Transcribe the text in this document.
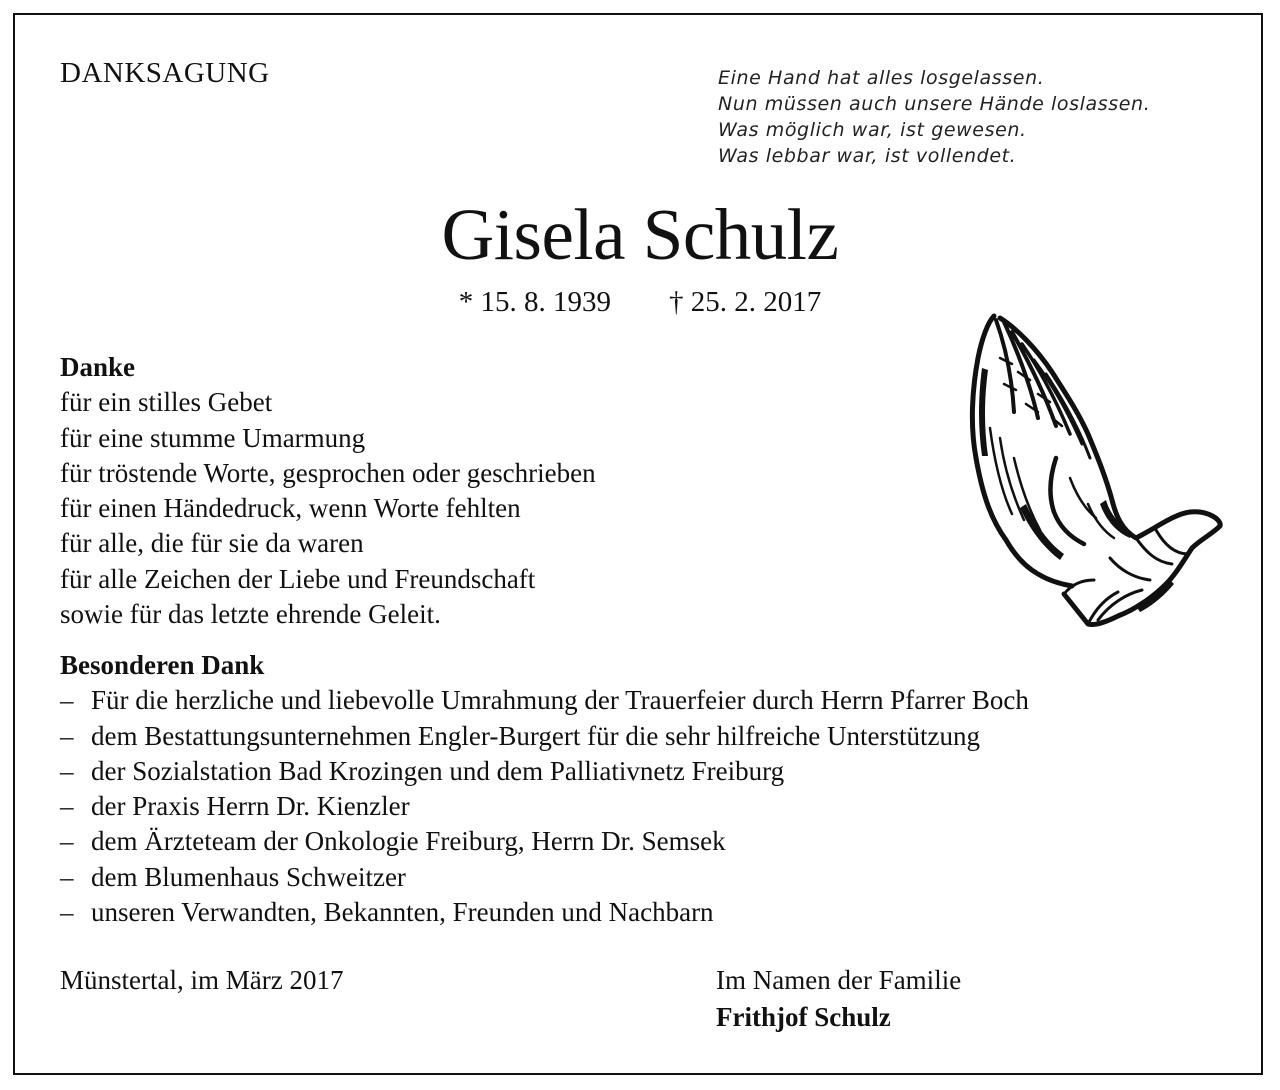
DANKSAGUNG	Eine Hand hat alles losgelassen.
Nun müssen auch unsere Hände loslassen.
Was möglich war, ist gewesen.
Was lebbar war, ist vollendet.
Gisela Schulz
* 15. 8. 1939 † 25. 2. 2017
Danke
für ein stilles Gebet
für eine stumme Umarmung
für tröstende Worte, gesprochen oder geschrieben
für einen Händedruck, wenn Worte fehlten
für alle, die für sie da waren
für alle Zeichen der Liebe und Freundschaft
sowie für das letzte ehrende Geleit.
Besonderen Dank
– Für die herzliche und liebevolle Umrahmung der Trauerfeier durch Herrn Pfarrer Boch
– dem Bestattungsunternehmen Engler-Burgert für die sehr hilfreiche Unterstützung
– der Sozialstation Bad Krozingen und dem Palliativnetz Freiburg
– der Praxis Herrn Dr. Kienzler
– dem Ärzteteam der Onkologie Freiburg, Herrn Dr. Semsek
– dem Blumenhaus Schweitzer
– unseren Verwandten, Bekannten, Freunden und Nachbarn
Münstertal, im März 2017	Im Namen der Familie
Frithjof Schulz
